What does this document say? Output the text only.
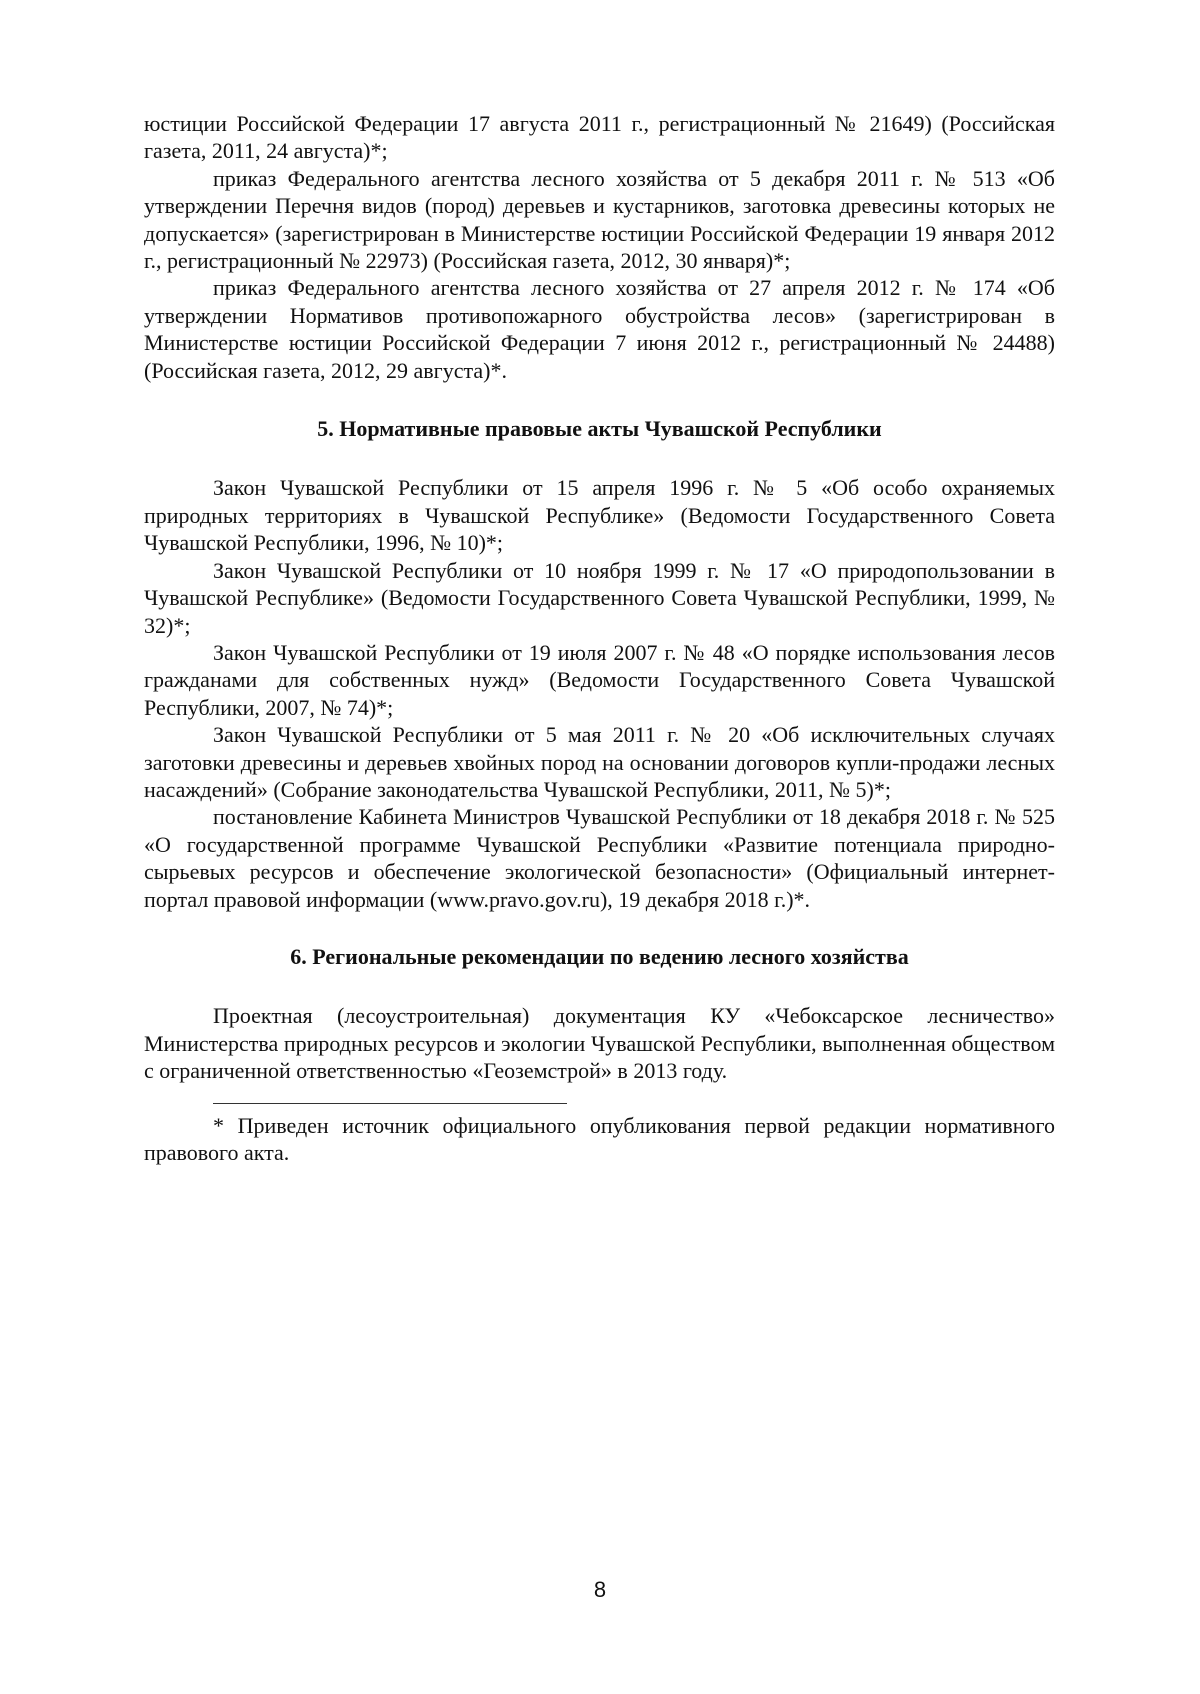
юстиции Российской Федерации 17 августа 2011 г., регистрационный № 21649) (Российская газета, 2011, 24 августа)*;

приказ Федерального агентства лесного хозяйства от 5 декабря 2011 г. № 513 «Об утверждении Перечня видов (пород) деревьев и кустарников, заготовка древесины которых не допускается» (зарегистрирован в Министерстве юстиции Российской Федерации 19 января 2012 г., регистрационный № 22973) (Российская газета, 2012, 30 января)*;

приказ Федерального агентства лесного хозяйства от 27 апреля 2012 г. № 174 «Об утверждении Нормативов противопожарного обустройства лесов» (зарегистрирован в Министерстве юстиции Российской Федерации 7 июня 2012 г., регистрационный № 24488) (Российская газета, 2012, 29 августа)*.

5. Нормативные правовые акты Чувашской Республики

Закон Чувашской Республики от 15 апреля 1996 г. № 5 «Об особо охраняемых природных территориях в Чувашской Республике» (Ведомости Государственного Совета Чувашской Республики, 1996, № 10)*;

Закон Чувашской Республики от 10 ноября 1999 г. № 17 «О природопользовании в Чувашской Республике» (Ведомости Государственного Совета Чувашской Республики, 1999, № 32)*;

Закон Чувашской Республики от 19 июля 2007 г. № 48 «О порядке использования лесов гражданами для собственных нужд» (Ведомости Государственного Совета Чувашской Республики, 2007, № 74)*;

Закон Чувашской Республики от 5 мая 2011 г. № 20 «Об исключительных случаях заготовки древесины и деревьев хвойных пород на основании договоров купли-продажи лесных насаждений» (Собрание законодательства Чувашской Республики, 2011, № 5)*;

постановление Кабинета Министров Чувашской Республики от 18 декабря 2018 г. № 525 «О государственной программе Чувашской Республики «Развитие потенциала природно-сырьевых ресурсов и обеспечение экологической безопасности» (Официальный интернет-портал правовой информации (www.pravo.gov.ru), 19 декабря 2018 г.)*.

6. Региональные рекомендации по ведению лесного хозяйства

Проектная (лесоустроительная) документация КУ «Чебоксарское лесничество» Министерства природных ресурсов и экологии Чувашской Республики, выполненная обществом с ограниченной ответственностью «Геоземстрой» в 2013 году.

* Приведен источник официального опубликования первой редакции нормативного правового акта.

8
